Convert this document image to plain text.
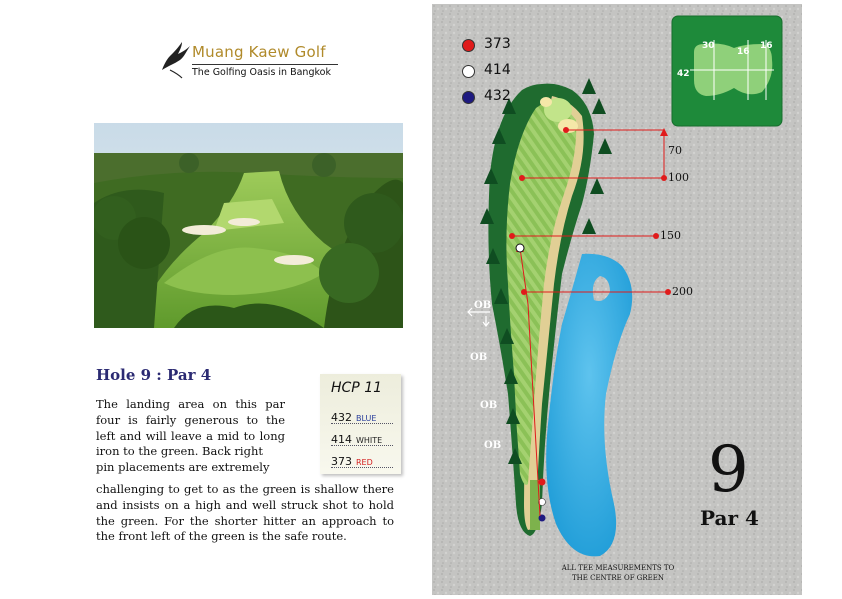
Muang Kaew Golf
The Golfing Oasis in Bangkok
Hole 9 : Par 4
The landing area on this par four is fairly generous to the left and will leave a mid to long iron to the green. Back right
pin placements are extremely
challenging to get to as the green is shallow there and insists on a high and well struck shot to hold the green. For the shorter hitter an approach to the front left of the green is the safe route.
HCP 11
432 BLUE
414 WHITE
373 RED
373
414
432
70
100
150
200
OB
OB
OB
OB
30
16
16
42
9
Par 4
ALL TEE MEASUREMENTS TO
THE CENTRE OF GREEN
